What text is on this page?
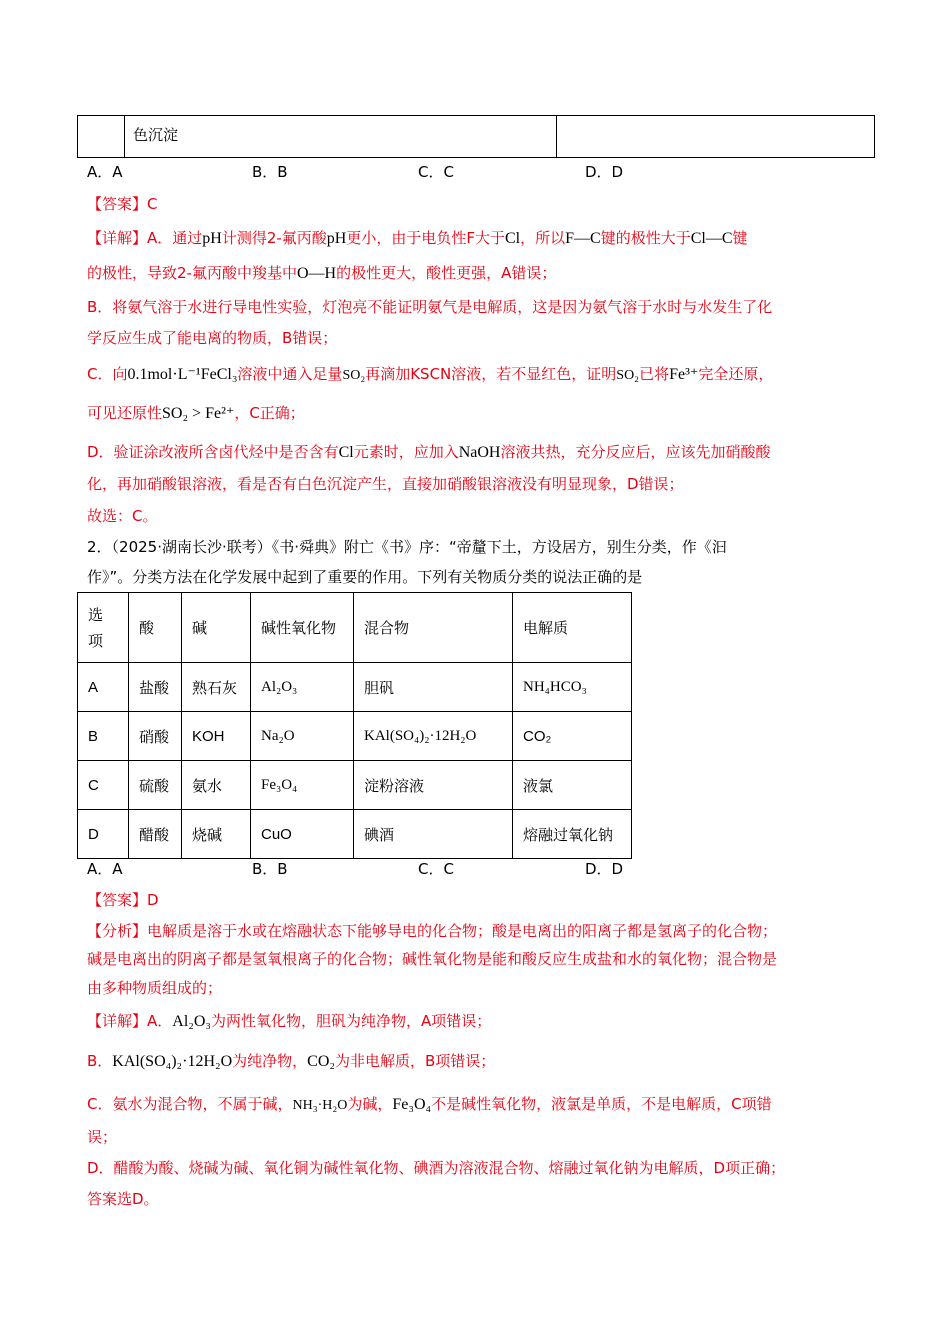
	色沉淀	
A．A	B．B	C．C	D．D
【答案】C
【详解】A．通过pH计测得2-氟丙酸pH更小，由于电负性F大于Cl，所以F—C键的极性大于Cl—C键
的极性，导致2-氟丙酸中羧基中O—H的极性更大，酸性更强，A错误；
B．将氨气溶于水进行导电性实验，灯泡亮不能证明氨气是电解质，这是因为氨气溶于水时与水发生了化
学反应生成了能电离的物质，B错误；
C．向0.1mol·L⁻¹FeCl₃溶液中通入足量SO₂再滴加KSCN溶液，若不显红色，证明SO₂已将Fe³⁺完全还原，
可见还原性SO₂ > Fe²⁺，C正确；
D．验证涂改液所含卤代烃中是否含有Cl元素时，应加入NaOH溶液共热，充分反应后，应该先加硝酸酸
化，再加硝酸银溶液，看是否有白色沉淀产生，直接加硝酸银溶液没有明显现象，D错误；
故选：C。
2．（2025·湖南长沙·联考）《书·舜典》附亡《书》序：“帝釐下土，方设居方，别生分类，作《汩
作》”。分类方法在化学发展中起到了重要的作用。下列有关物质分类的说法正确的是
选项	酸	碱	碱性氧化物	混合物	电解质
A	盐酸	熟石灰	Al₂O₃	胆矾	NH₄HCO₃
B	硝酸	KOH	Na₂O	KAl(SO₄)₂·12H₂O	CO₂
C	硫酸	氨水	Fe₃O₄	淀粉溶液	液氯
D	醋酸	烧碱	CuO	碘酒	熔融过氧化钠
A．A	B．B	C．C	D．D
【答案】D
【分析】电解质是溶于水或在熔融状态下能够导电的化合物；酸是电离出的阳离子都是氢离子的化合物；
碱是电离出的阴离子都是氢氧根离子的化合物；碱性氧化物是能和酸反应生成盐和水的氧化物；混合物是
由多种物质组成的；
【详解】A．Al₂O₃为两性氧化物，胆矾为纯净物，A项错误；
B．KAl(SO₄)₂·12H₂O为纯净物，CO₂为非电解质，B项错误；
C．氨水为混合物，不属于碱，NH₃·H₂O为碱，Fe₃O₄不是碱性氧化物，液氯是单质，不是电解质，C项错
误；
D．醋酸为酸、烧碱为碱、氧化铜为碱性氧化物、碘酒为溶液混合物、熔融过氧化钠为电解质，D项正确；
答案选D。
